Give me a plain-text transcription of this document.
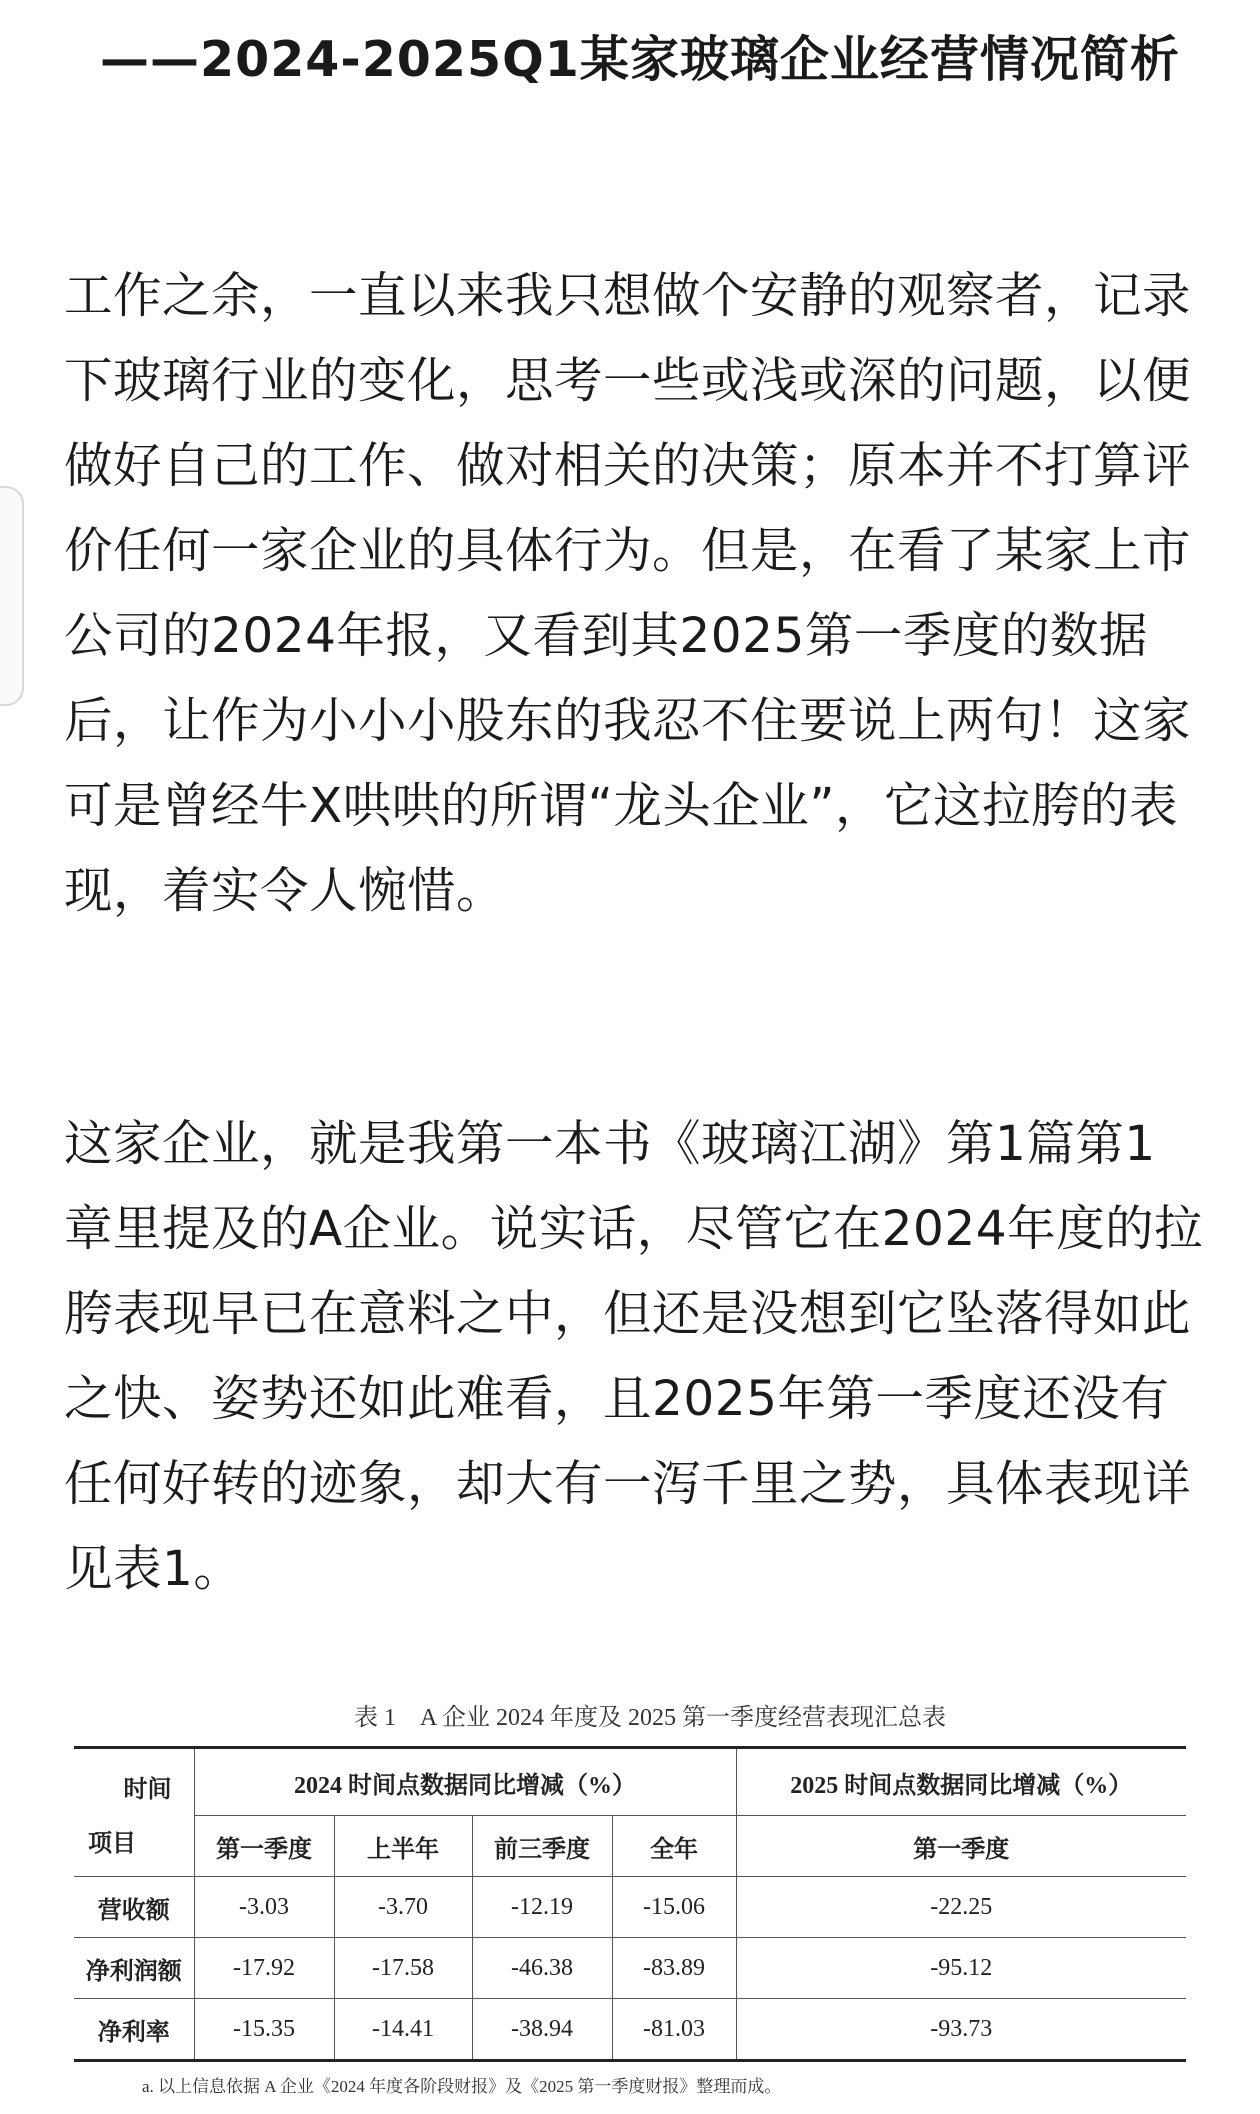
——2024-2025Q1某家玻璃企业经营情况简析

工作之余，一直以来我只想做个安静的观察者，记录下玻璃行业的变化，思考一些或浅或深的问题，以便做好自己的工作、做对相关的决策；原本并不打算评价任何一家企业的具体行为。但是，在看了某家上市公司的2024年报，又看到其2025第一季度的数据后，让作为小小小股东的我忍不住要说上两句！这家可是曾经牛X哄哄的所谓“龙头企业”，它这拉胯的表现，着实令人惋惜。

这家企业，就是我第一本书《玻璃江湖》第1篇第1章里提及的A企业。说实话，尽管它在2024年度的拉胯表现早已在意料之中，但还是没想到它坠落得如此之快、姿势还如此难看，且2025年第一季度还没有任何好转的迹象，却大有一泻千里之势，具体表现详见表1。

表 1　A 企业 2024 年度及 2025 第一季度经营表现汇总表
时间
项目	2024 时间点数据同比增减（%）				2025 时间点数据同比增减（%）
	第一季度	上半年	前三季度	全年	第一季度
营收额	-3.03	-3.70	-12.19	-15.06	-22.25
净利润额	-17.92	-17.58	-46.38	-83.89	-95.12
净利率	-15.35	-14.41	-38.94	-81.03	-93.73
a. 以上信息依据 A 企业《2024 年度各阶段财报》及《2025 第一季度财报》整理而成。
